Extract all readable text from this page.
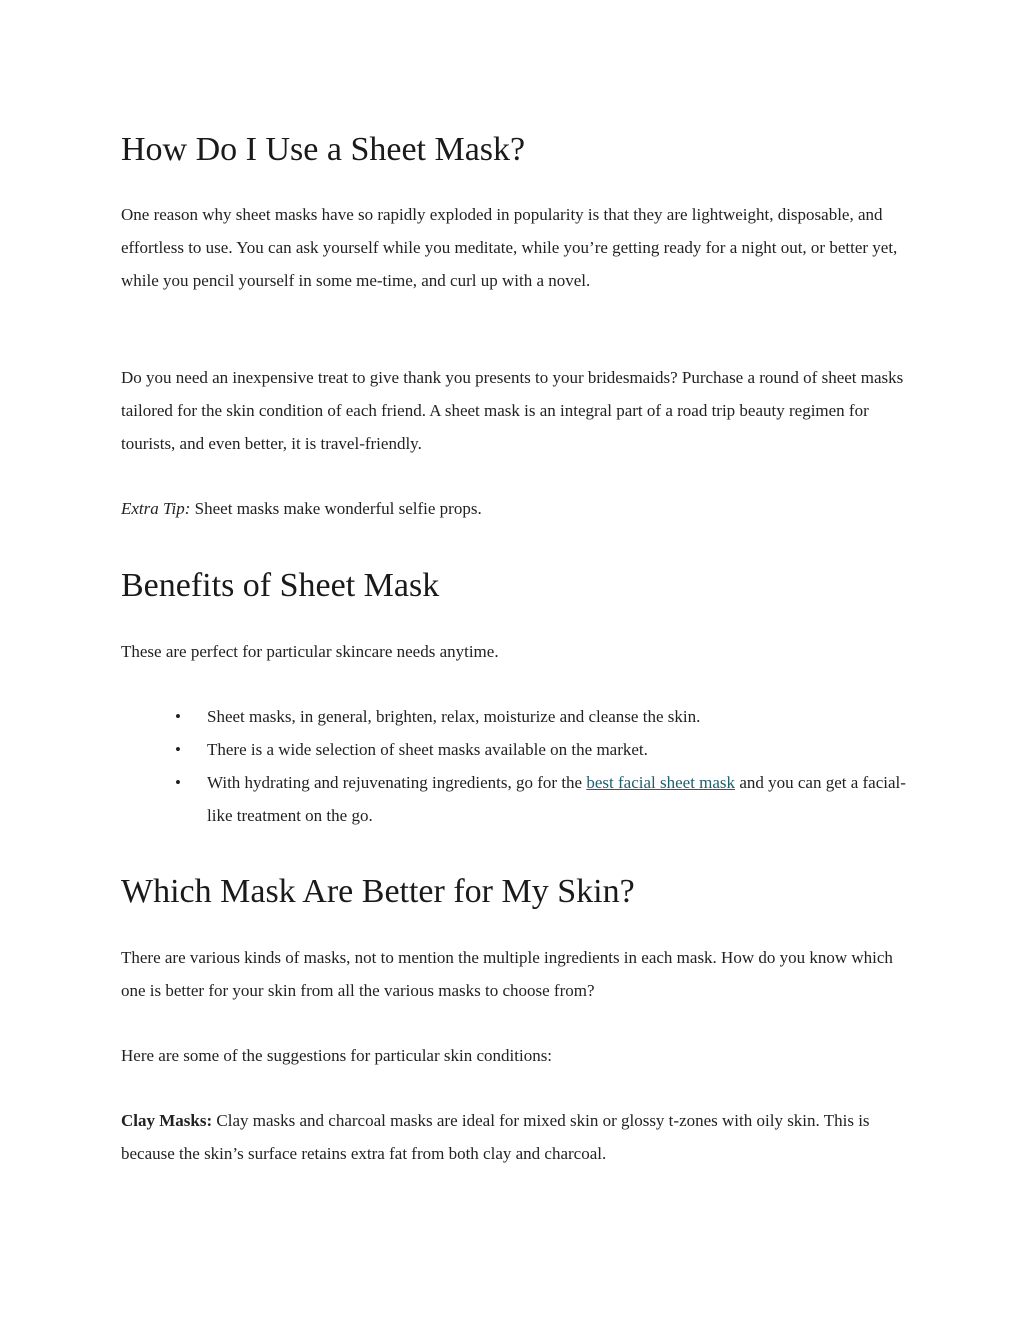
How Do I Use a Sheet Mask?

One reason why sheet masks have so rapidly exploded in popularity is that they are lightweight, disposable, and effortless to use. You can ask yourself while you meditate, while you’re getting ready for a night out, or better yet, while you pencil yourself in some me-time, and curl up with a novel.

Do you need an inexpensive treat to give thank you presents to your bridesmaids? Purchase a round of sheet masks tailored for the skin condition of each friend. A sheet mask is an integral part of a road trip beauty regimen for tourists, and even better, it is travel-friendly.

Extra Tip: Sheet masks make wonderful selfie props.

Benefits of Sheet Mask

These are perfect for particular skincare needs anytime.

• Sheet masks, in general, brighten, relax, moisturize and cleanse the skin.
• There is a wide selection of sheet masks available on the market.
• With hydrating and rejuvenating ingredients, go for the best facial sheet mask and you can get a facial-like treatment on the go.
Which Mask Are Better for My Skin?

There are various kinds of masks, not to mention the multiple ingredients in each mask. How do you know which one is better for your skin from all the various masks to choose from?

Here are some of the suggestions for particular skin conditions:

Clay Masks: Clay masks and charcoal masks are ideal for mixed skin or glossy t-zones with oily skin. This is because the skin’s surface retains extra fat from both clay and charcoal.
